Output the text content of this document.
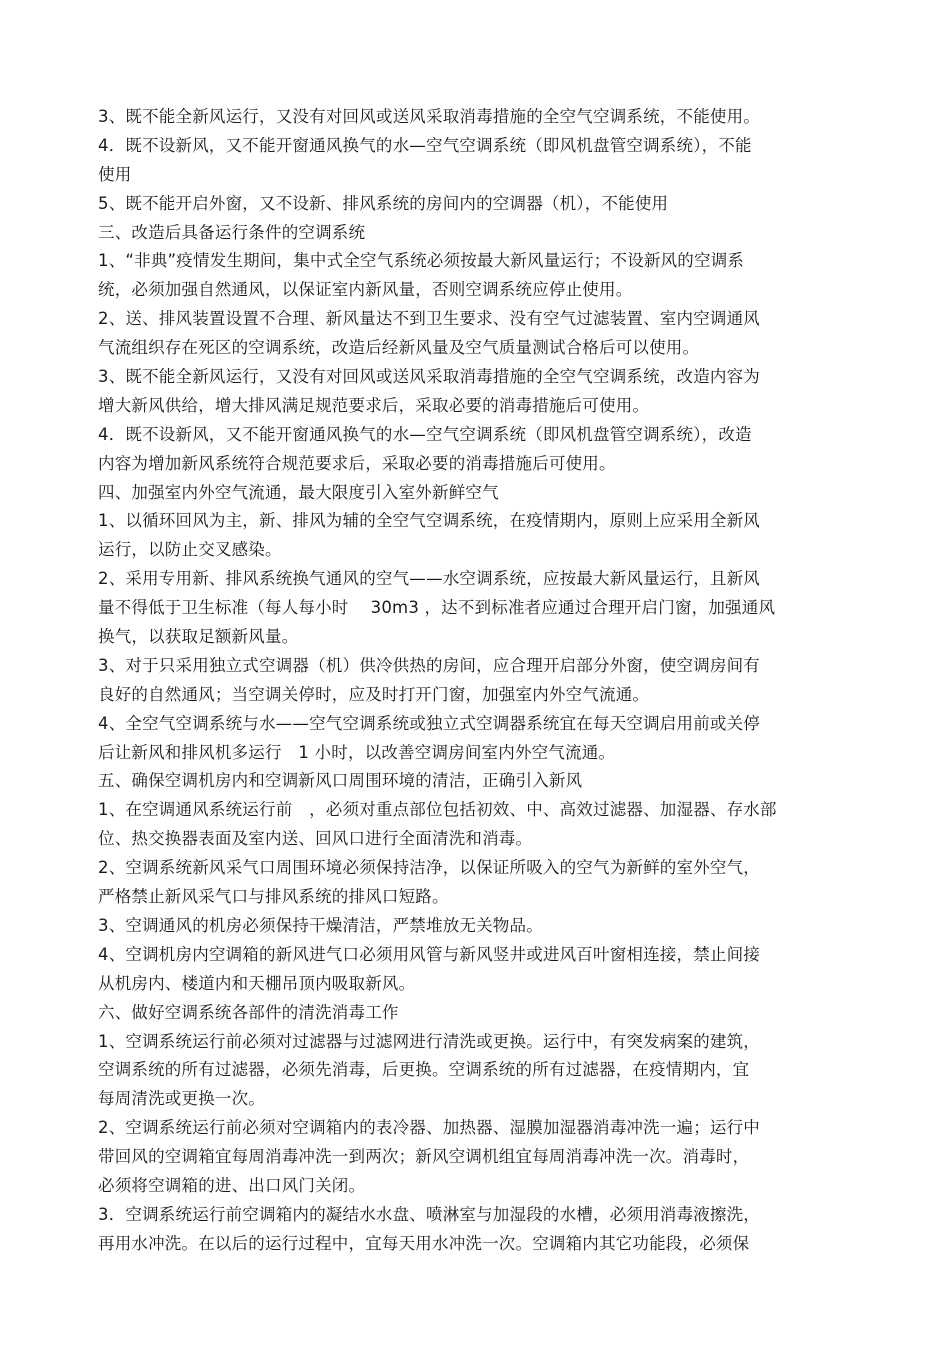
3、既不能全新风运行，又没有对回风或送风采取消毒措施的全空气空调系统，不能使用。
4．既不设新风，又不能开窗通风换气的水—空气空调系统（即风机盘管空调系统），不能
使用
5、既不能开启外窗，又不设新、排风系统的房间内的空调器（机），不能使用
三、改造后具备运行条件的空调系统
1、“非典”疫情发生期间，集中式全空气系统必须按最大新风量运行；不设新风的空调系
统，必须加强自然通风，以保证室内新风量，否则空调系统应停止使用。
2、送、排风装置设置不合理、新风量达不到卫生要求、没有空气过滤装置、室内空调通风
气流组织存在死区的空调系统，改造后经新风量及空气质量测试合格后可以使用。
3、既不能全新风运行，又没有对回风或送风采取消毒措施的全空气空调系统，改造内容为
增大新风供给，增大排风满足规范要求后，采取必要的消毒措施后可使用。
4．既不设新风，又不能开窗通风换气的水—空气空调系统（即风机盘管空调系统），改造
内容为增加新风系统符合规范要求后，采取必要的消毒措施后可使用。
四、加强室内外空气流通，最大限度引入室外新鲜空气
1、以循环回风为主，新、排风为辅的全空气空调系统，在疫情期内，原则上应采用全新风
运行，以防止交叉感染。
2、采用专用新、排风系统换气通风的空气——水空调系统，应按最大新风量运行，且新风
量不得低于卫生标准（每人每小时　 30m3 ，达不到标准者应通过合理开启门窗，加强通风
换气，以获取足额新风量。
3、对于只采用独立式空调器（机）供冷供热的房间，应合理开启部分外窗，使空调房间有
良好的自然通风；当空调关停时，应及时打开门窗，加强室内外空气流通。
4、全空气空调系统与水——空气空调系统或独立式空调器系统宜在每天空调启用前或关停
后让新风和排风机多运行　1 小时，以改善空调房间室内外空气流通。
五、确保空调机房内和空调新风口周围环境的清洁，正确引入新风
1、在空调通风系统运行前　，必须对重点部位包括初效、中、高效过滤器、加湿器、存水部
位、热交换器表面及室内送、回风口进行全面清洗和消毒。
2、空调系统新风采气口周围环境必须保持洁净，以保证所吸入的空气为新鲜的室外空气，
严格禁止新风采气口与排风系统的排风口短路。
3、空调通风的机房必须保持干燥清洁，严禁堆放无关物品。
4、空调机房内空调箱的新风进气口必须用风管与新风竖井或进风百叶窗相连接，禁止间接
从机房内、楼道内和天棚吊顶内吸取新风。
六、做好空调系统各部件的清洗消毒工作
1、空调系统运行前必须对过滤器与过滤网进行清洗或更换。运行中，有突发病案的建筑，
空调系统的所有过滤器，必须先消毒，后更换。空调系统的所有过滤器，在疫情期内，宜
每周清洗或更换一次。
2、空调系统运行前必须对空调箱内的表冷器、加热器、湿膜加湿器消毒冲洗一遍；运行中
带回风的空调箱宜每周消毒冲洗一到两次；新风空调机组宜每周消毒冲洗一次。消毒时，
必须将空调箱的进、出口风门关闭。
3．空调系统运行前空调箱内的凝结水水盘、喷淋室与加湿段的水槽，必须用消毒液擦洗，
再用水冲洗。在以后的运行过程中，宜每天用水冲洗一次。空调箱内其它功能段，必须保
